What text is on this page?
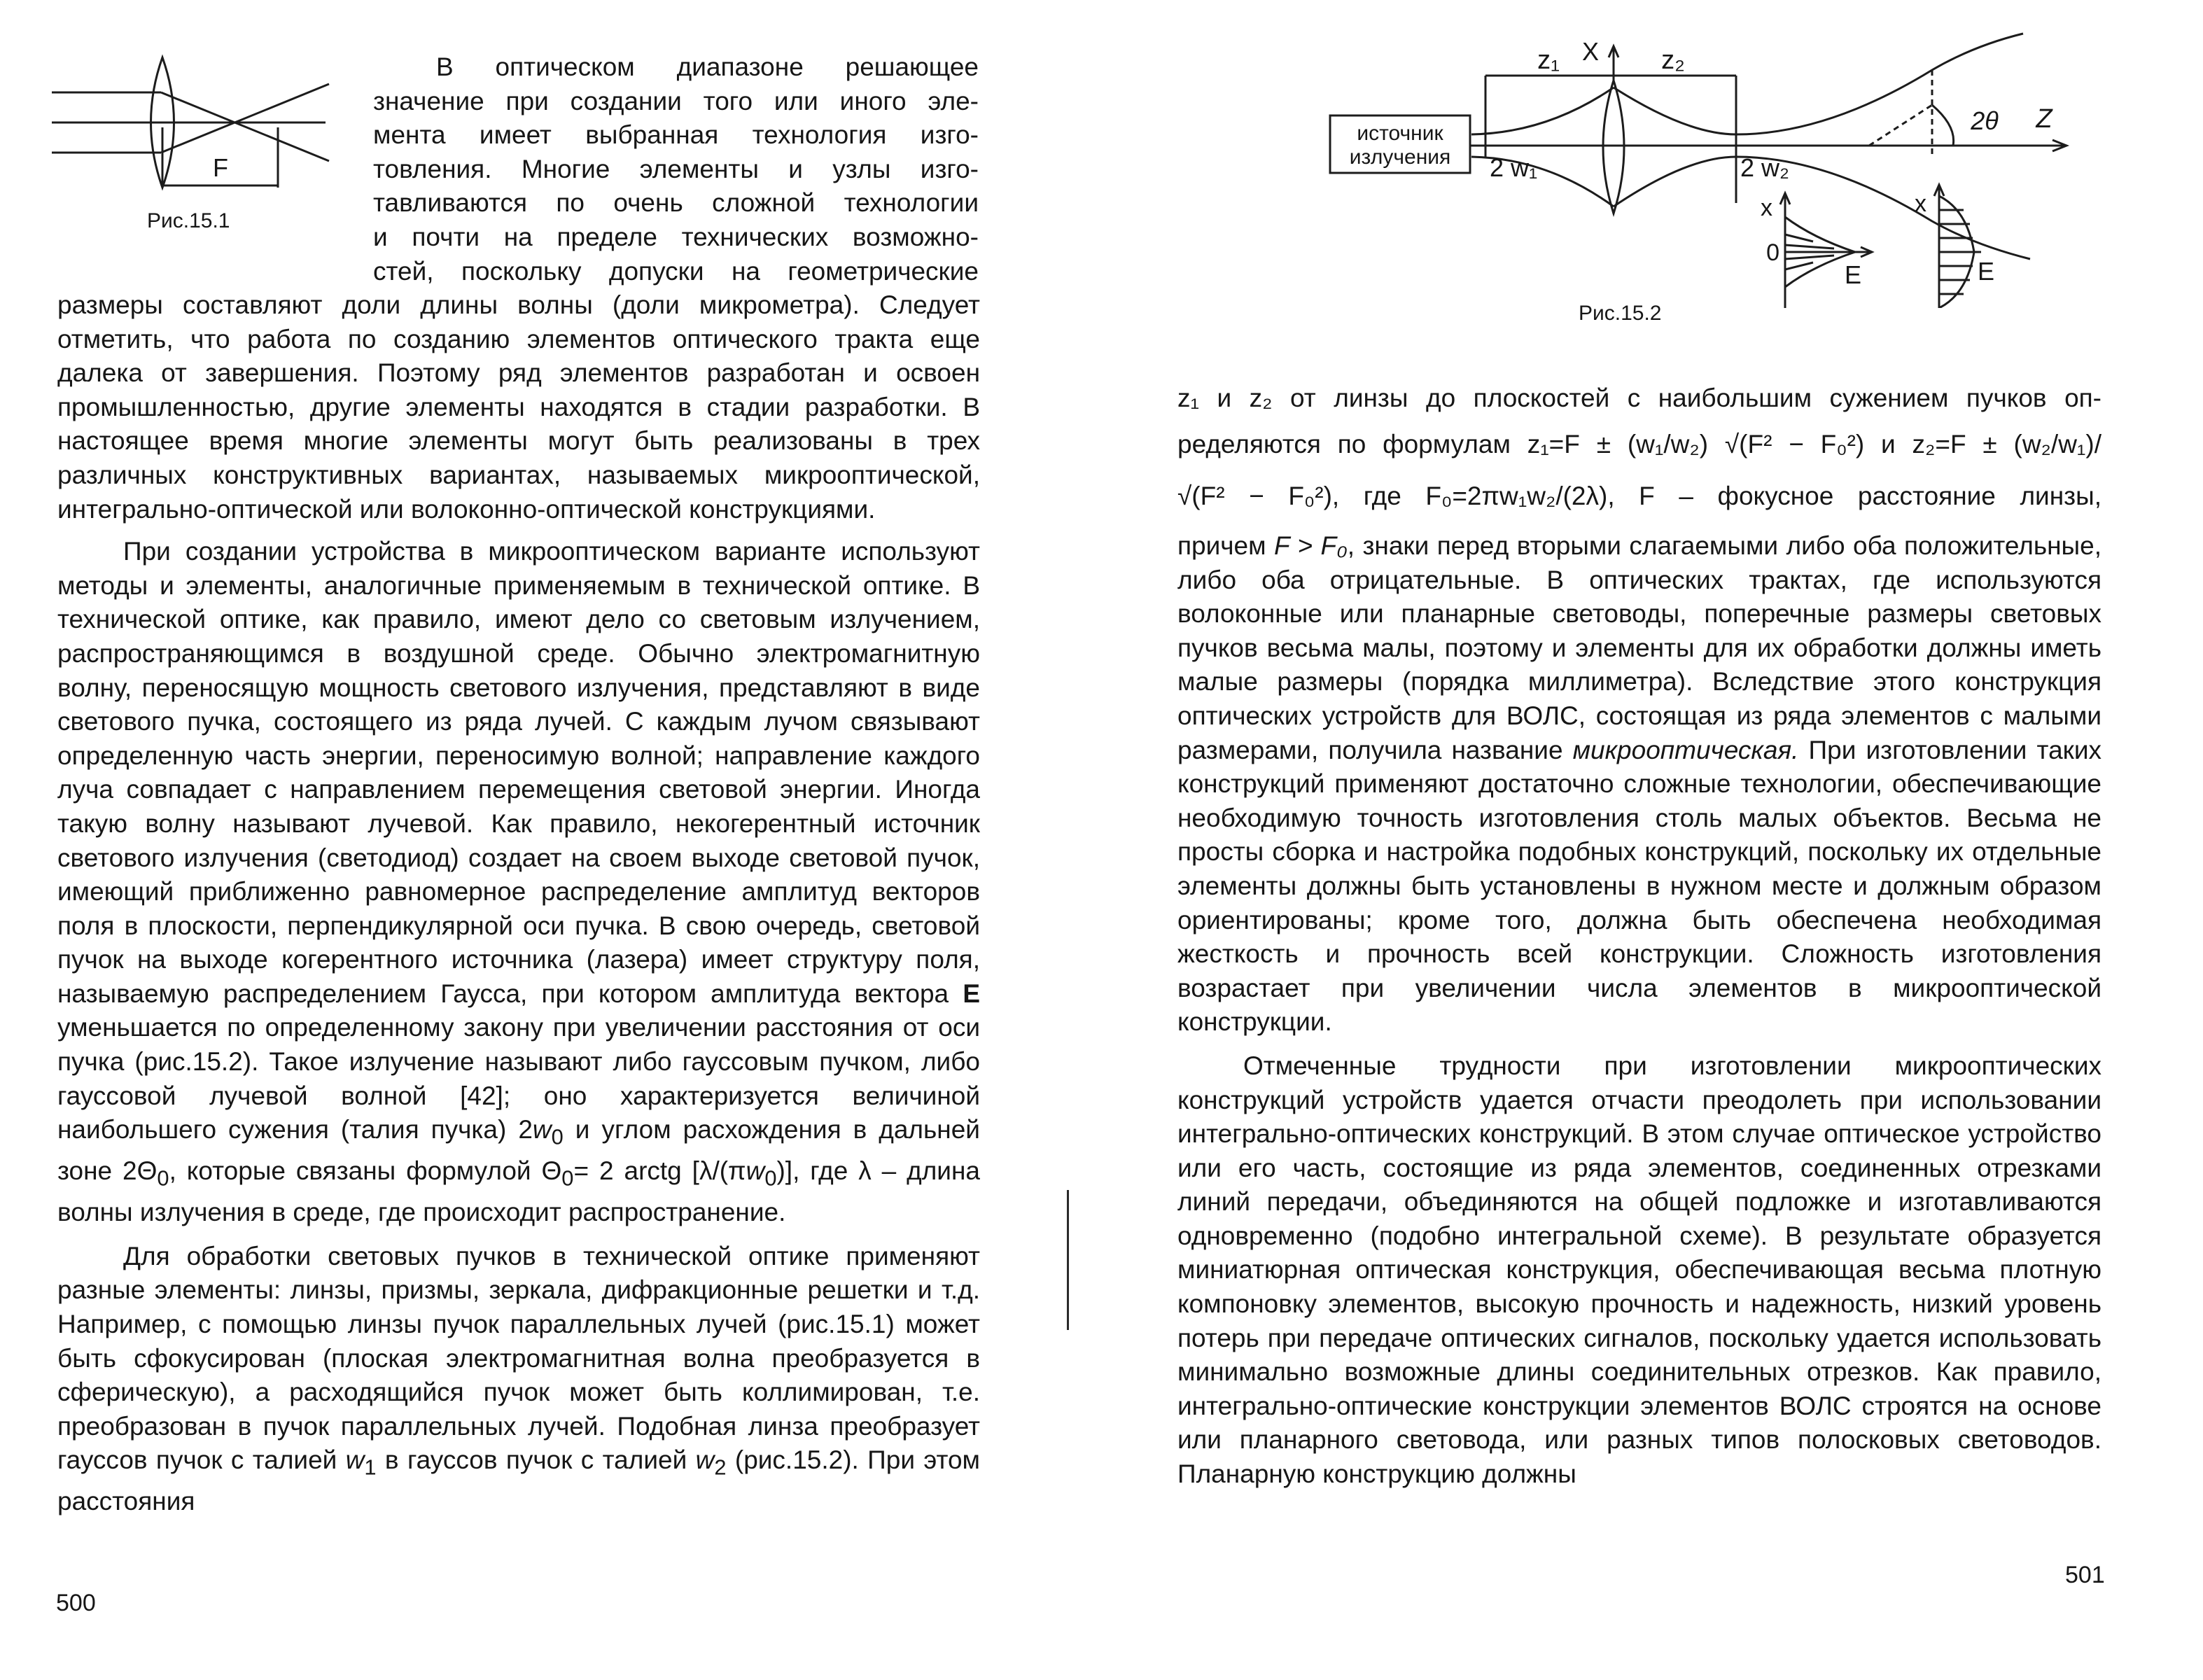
F
Рис.15.1

В оптическом диапазоне решающее

значение при создании того или иного эле-

мента имеет выбранная технология изго-

товления. Многие элементы и узлы изго-

тавливаются по очень сложной технологии

и почти на пределе технических возможно-

стей, поскольку допуски на геометрические

размеры составляют доли длины волны (доли микрометра). Следует отметить, что работа по созданию элементов оптического тракта еще далека от завершения. Поэтому ряд элементов разработан и освоен промышленностью, другие элементы находятся в стадии разработки. В настоящее время многие элементы могут быть реализованы в трех различных конструктивных вариантах, называемых микрооптической, интегрально-оптической или волоконно-оптической конструкциями.

При создании устройства в микрооптическом варианте используют методы и элементы, аналогичные применяемым в технической оптике. В технической оптике, как правило, имеют дело со световым излучением, распространяющимся в воздушной среде. Обычно электромагнитную волну, переносящую мощность светового излучения, представляют в виде светового пучка, состоящего из ряда лучей. С каждым лучом связывают определенную часть энергии, переносимую волной; направление каждого луча совпадает с направлением перемещения световой энергии. Иногда такую волну называют лучевой. Как правило, некогерентный источник светового излучения (светодиод) создает на своем выходе световой пучок, имеющий приближенно равномерное распределение амплитуд векторов поля в плоскости, перпендикулярной оси пучка. В свою очередь, световой пучок на выходе когерентного источника (лазера) имеет структуру поля, называемую распределением Гаусса, при котором амплитуда вектора Е уменьшается по определенному закону при увеличении расстояния от оси пучка (рис.15.2). Такое излучение называют либо гауссовым пучком, либо гауссовой лучевой волной [42]; оно характеризуется величиной наибольшего сужения (талия пучка) $2w_0$ и углом расхождения в дальней зоне $2\Theta_0$, которые связаны формулой $\Theta_0= 2$ arctg $[\lambda/(\pi w_0)]$, где λ – длина волны излучения в среде, где происходит распространение.

Для обработки световых пучков в технической оптике применяют разные элементы: линзы, призмы, зеркала, дифракционные решетки и т.д. Например, с помощью линзы пучок параллельных лучей (рис.15.1) может быть сфокусирован (плоская электромагнитная волна преобразуется в сферическую), а расходящийся пучок может быть коллимирован, т.е. преобразован в пучок параллельных лучей. Подобная линза преобразует гауссов пучок с талией $w_1$ в гауссов пучок с талией $w_2$ (рис.15.2). При этом расстояния

500
источник
излучения
z₁ X z₂
Z
2θ
2 w₁	2 w₂
x
0
E
x
E
Рис.15.2

z₁ и z₂ от линзы до плоскостей с наибольшим сужением пучков оп-

ределяются по формулам z₁=F ± (w₁/w₂) √(F² − F₀²) и z₂=F ± (w₂/w₁)/

√(F² − F₀²), где F₀=2πw₁w₂/(2λ), F – фокусное расстояние линзы,

причем F > F₀, знаки перед вторыми слагаемыми либо оба положительные, либо оба отрицательные. В оптических трактах, где используются волоконные или планарные световоды, поперечные размеры световых пучков весьма малы, поэтому и элементы для их обработки должны иметь малые размеры (порядка миллиметра). Вследствие этого конструкция оптических устройств для ВОЛС, состоящая из ряда элементов с малыми размерами, получила название микрооптическая. При изготовлении таких конструкций применяют достаточно сложные технологии, обеспечивающие необходимую точность изготовления столь малых объектов. Весьма не просты сборка и настройка подобных конструкций, поскольку их отдельные элементы должны быть установлены в нужном месте и должным образом ориентированы; кроме того, должна быть обеспечена необходимая жесткость и прочность всей конструкции. Сложность изготовления возрастает при увеличении числа элементов в микрооптической конструкции.

Отмеченные трудности при изготовлении микрооптических конструкций устройств удается отчасти преодолеть при использовании интегрально-оптических конструкций. В этом случае оптическое устройство или его часть, состоящие из ряда элементов, соединенных отрезками линий передачи, объединяются на общей подложке и изготавливаются одновременно (подобно интегральной схеме). В результате образуется миниатюрная оптическая конструкция, обеспечивающая весьма плотную компоновку элементов, высокую прочность и надежность, низкий уровень потерь при передаче оптических сигналов, поскольку удается использовать минимально возможные длины соединительных отрезков. Как правило, интегрально-оптические конструкции элементов ВОЛС строятся на основе или планарного световода, или разных типов полосковых световодов. Планарную конструкцию должны

501
